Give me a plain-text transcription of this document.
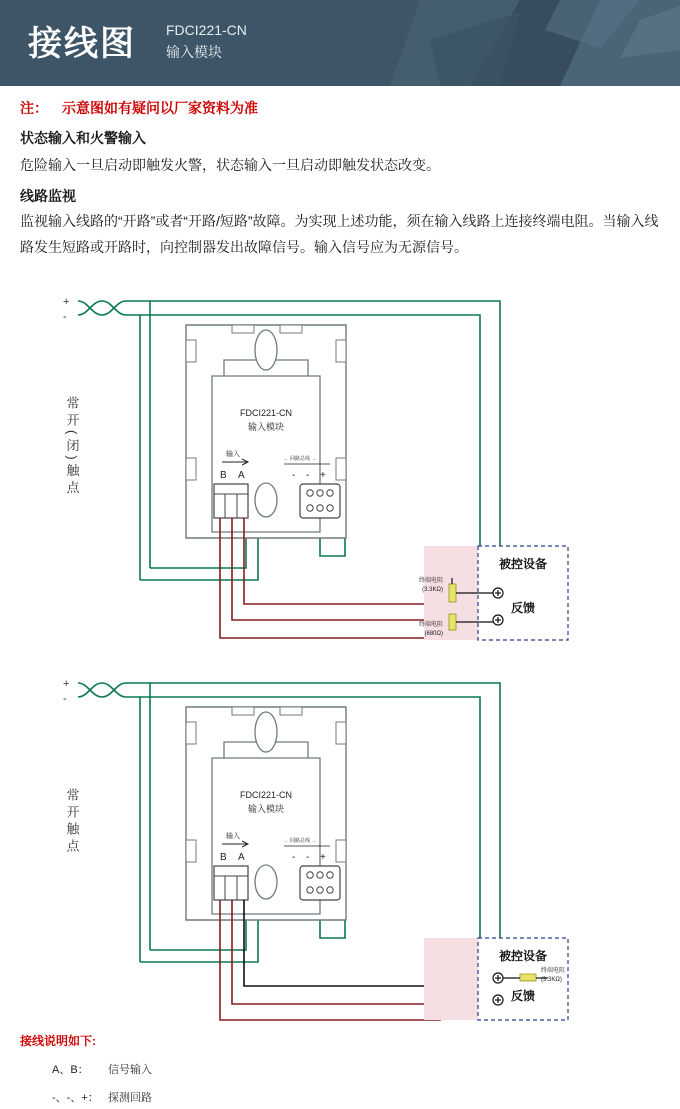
接线图 FDCI221-CN
输入模块
注： 示意图如有疑问以厂家资料为准
状态输入和火警输入
危险输入一旦启动即触发火警，状态输入一旦启动即触发状态改变。
线路监视
监视输入线路的“开路”或者“开路/短路”故障。为实现上述功能，须在输入线路上连接终端电阻。当输入线路发生短路或开路时，向控制器发出故障信号。输入信号应为无源信号。
+
-
FDCI221-CN
输入模块
输入
B A
← 回路总线 →
- - +
常开(闭)触点
被控设备
反馈
终端电阻
(3.3KΩ)
终端电阻
(680Ω)
+
-
FDCI221-CN
输入模块
输入
B A
← 回路总线 →
- - +
常开触点
被控设备
反馈
终端电阻
(3.3KΩ)
接线说明如下:
A、B： 信号输入
-、-、+： 探测回路
